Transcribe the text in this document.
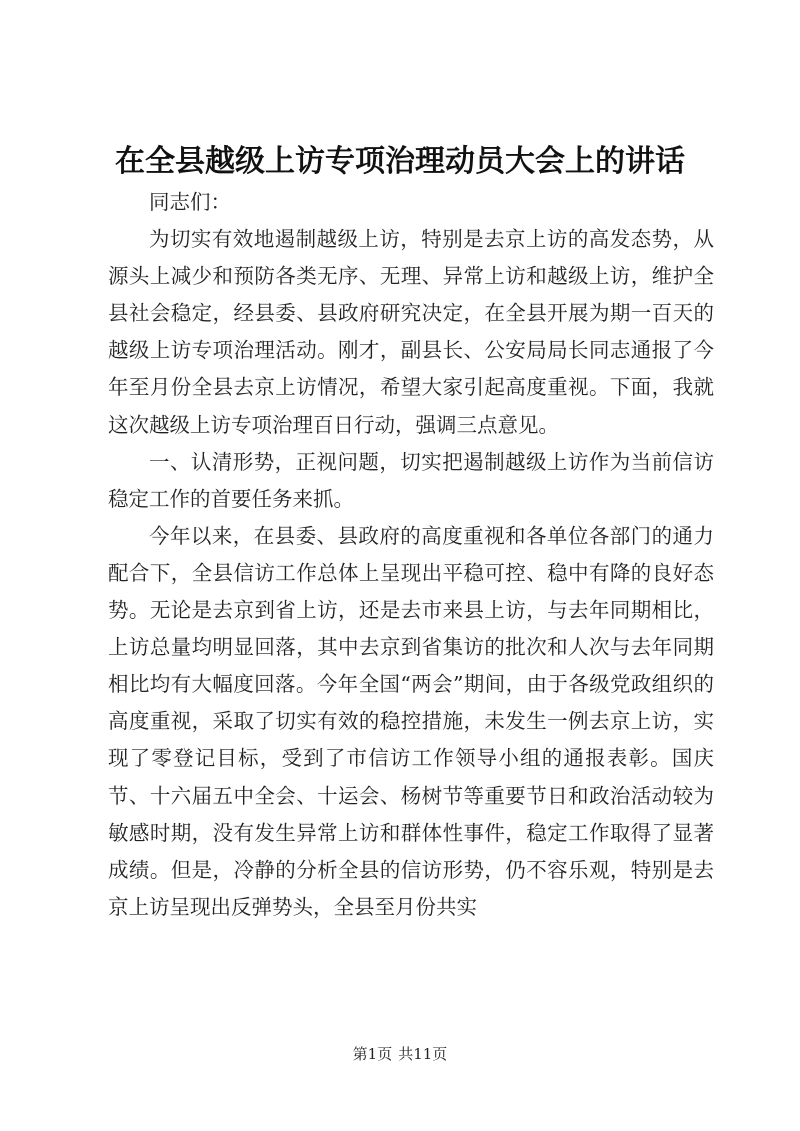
在全县越级上访专项治理动员大会上的讲话

同志们：

为切实有效地遏制越级上访，特别是去京上访的高发态势，从源头上减少和预防各类无序、无理、异常上访和越级上访，维护全县社会稳定，经县委、县政府研究决定，在全县开展为期一百天的越级上访专项治理活动。刚才，副县长、公安局局长同志通报了今年至月份全县去京上访情况，希望大家引起高度重视。下面，我就这次越级上访专项治理百日行动，强调三点意见。

一、认清形势，正视问题，切实把遏制越级上访作为当前信访稳定工作的首要任务来抓。

今年以来，在县委、县政府的高度重视和各单位各部门的通力配合下，全县信访工作总体上呈现出平稳可控、稳中有降的良好态势。无论是去京到省上访，还是去市来县上访，与去年同期相比，上访总量均明显回落，其中去京到省集访的批次和人次与去年同期相比均有大幅度回落。今年全国“两会”期间，由于各级党政组织的高度重视，采取了切实有效的稳控措施，未发生一例去京上访，实现了零登记目标，受到了市信访工作领导小组的通报表彰。国庆节、十六届五中全会、十运会、杨树节等重要节日和政治活动较为敏感时期，没有发生异常上访和群体性事件，稳定工作取得了显著成绩。但是，冷静的分析全县的信访形势，仍不容乐观，特别是去京上访呈现出反弹势头，全县至月份共实

第1页 共11页
